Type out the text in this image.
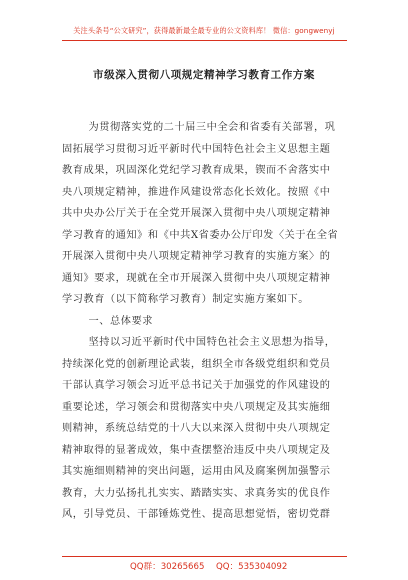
关注头条号“公文研究”，获得最新最全最专业的公文资料库！ 微信：gongwenyj
市级深入贯彻八项规定精神学习教育工作方案
为贯彻落实党的二十届三中全会和省委有关部署，巩
固拓展学习贯彻习近平新时代中国特色社会主义思想主题
教育成果，巩固深化党纪学习教育成果，锲而不舍落实中
央八项规定精神，推进作风建设常态化长效化。按照《中
共中央办公厅关于在全党开展深入贯彻中央八项规定精神
学习教育的通知》和《中共X省委办公厅印发〈关于在全省
开展深入贯彻中央八项规定精神学习教育的实施方案〉的
通知》要求，现就在全市开展深入贯彻中央八项规定精神
学习教育（以下简称学习教育）制定实施方案如下。
一、总体要求
坚持以习近平新时代中国特色社会主义思想为指导，
持续深化党的创新理论武装，组织全市各级党组织和党员
干部认真学习领会习近平总书记关于加强党的作风建设的
重要论述，学习领会和贯彻落实中央八项规定及其实施细
则精神，系统总结党的十八大以来深入贯彻中央八项规定
精神取得的显著成效，集中查摆整治违反中央八项规定及
其实施细则精神的突出问题，运用由风及腐案例加强警示
教育，大力弘扬扎扎实实、踏踏实实、求真务实的优良作
风，引导党员、干部锤炼党性、提高思想觉悟，密切党群
QQ群：30265665 QQ：535304092
